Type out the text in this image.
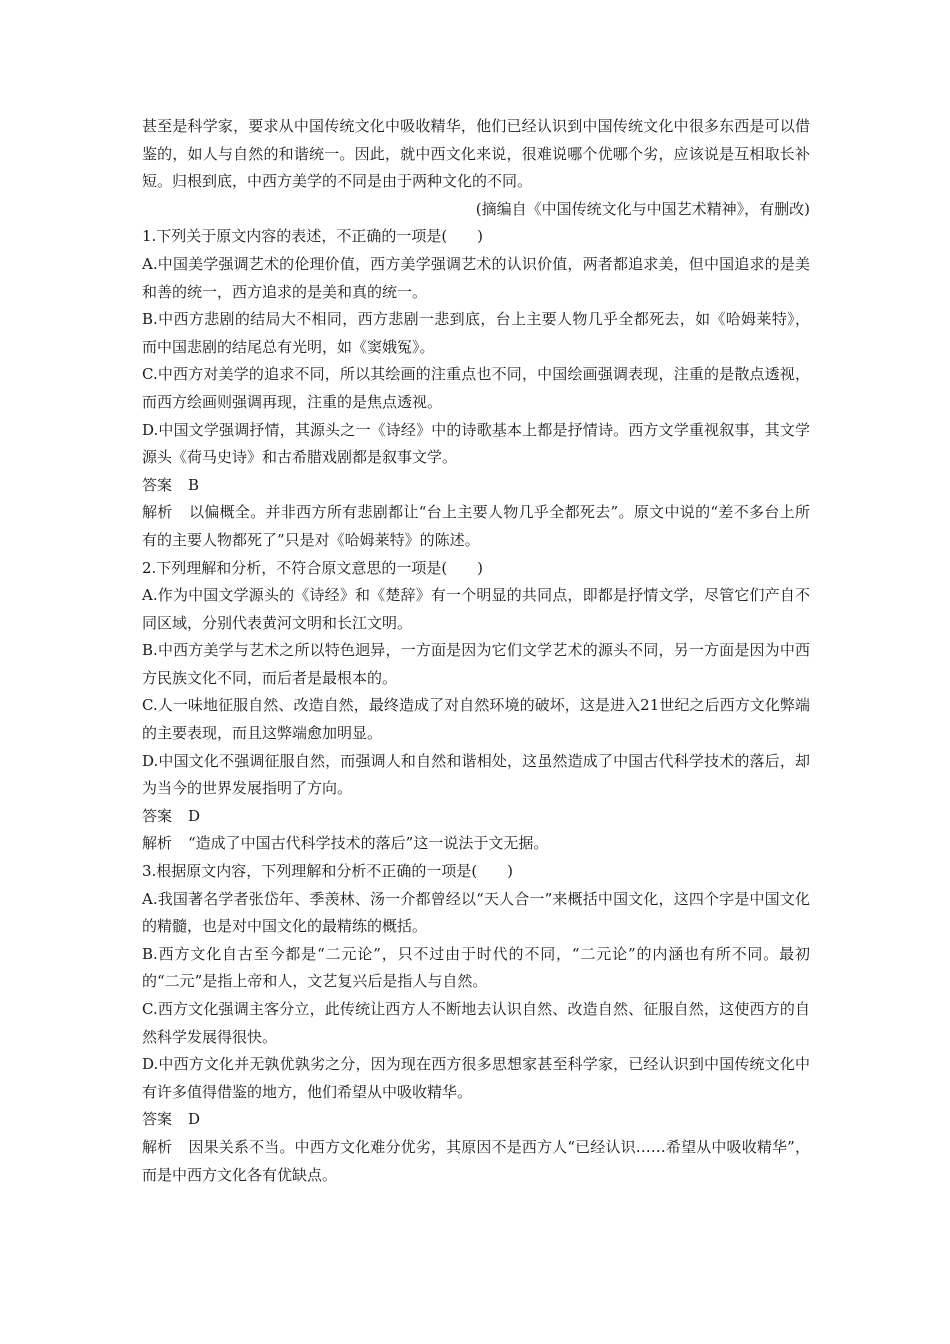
甚至是科学家，要求从中国传统文化中吸收精华，他们已经认识到中国传统文化中很多东西是可以借鉴的，如人与自然的和谐统一。因此，就中西文化来说，很难说哪个优哪个劣，应该说是互相取长补短。归根到底，中西方美学的不同是由于两种文化的不同。

(摘编自《中国传统文化与中国艺术精神》，有删改)

1.下列关于原文内容的表述，不正确的一项是(　　)

A.中国美学强调艺术的伦理价值，西方美学强调艺术的认识价值，两者都追求美，但中国追求的是美和善的统一，西方追求的是美和真的统一。

B.中西方悲剧的结局大不相同，西方悲剧一悲到底，台上主要人物几乎全都死去，如《哈姆莱特》，而中国悲剧的结尾总有光明，如《窦娥冤》。

C.中西方对美学的追求不同，所以其绘画的注重点也不同，中国绘画强调表现，注重的是散点透视，而西方绘画则强调再现，注重的是焦点透视。

D.中国文学强调抒情，其源头之一《诗经》中的诗歌基本上都是抒情诗。西方文学重视叙事，其文学源头《荷马史诗》和古希腊戏剧都是叙事文学。

答案 B

解析 以偏概全。并非西方所有悲剧都让“台上主要人物几乎全都死去”。原文中说的“差不多台上所有的主要人物都死了”只是对《哈姆莱特》的陈述。

2.下列理解和分析，不符合原文意思的一项是(　　)

A.作为中国文学源头的《诗经》和《楚辞》有一个明显的共同点，即都是抒情文学，尽管它们产自不同区域，分别代表黄河文明和长江文明。

B.中西方美学与艺术之所以特色迥异，一方面是因为它们文学艺术的源头不同，另一方面是因为中西方民族文化不同，而后者是最根本的。

C.人一味地征服自然、改造自然，最终造成了对自然环境的破坏，这是进入21世纪之后西方文化弊端的主要表现，而且这弊端愈加明显。

D.中国文化不强调征服自然，而强调人和自然和谐相处，这虽然造成了中国古代科学技术的落后，却为当今的世界发展指明了方向。

答案 D

解析 “造成了中国古代科学技术的落后”这一说法于文无据。

3.根据原文内容，下列理解和分析不正确的一项是(　　)

A.我国著名学者张岱年、季羡林、汤一介都曾经以“天人合一”来概括中国文化，这四个字是中国文化的精髓，也是对中国文化的最精练的概括。

B.西方文化自古至今都是“二元论”，只不过由于时代的不同，“二元论”的内涵也有所不同。最初的“二元”是指上帝和人，文艺复兴后是指人与自然。

C.西方文化强调主客分立，此传统让西方人不断地去认识自然、改造自然、征服自然，这使西方的自然科学发展得很快。

D.中西方文化并无孰优孰劣之分，因为现在西方很多思想家甚至科学家，已经认识到中国传统文化中有许多值得借鉴的地方，他们希望从中吸收精华。

答案 D

解析 因果关系不当。中西方文化难分优劣，其原因不是西方人“已经认识……希望从中吸收精华”，而是中西方文化各有优缺点。
